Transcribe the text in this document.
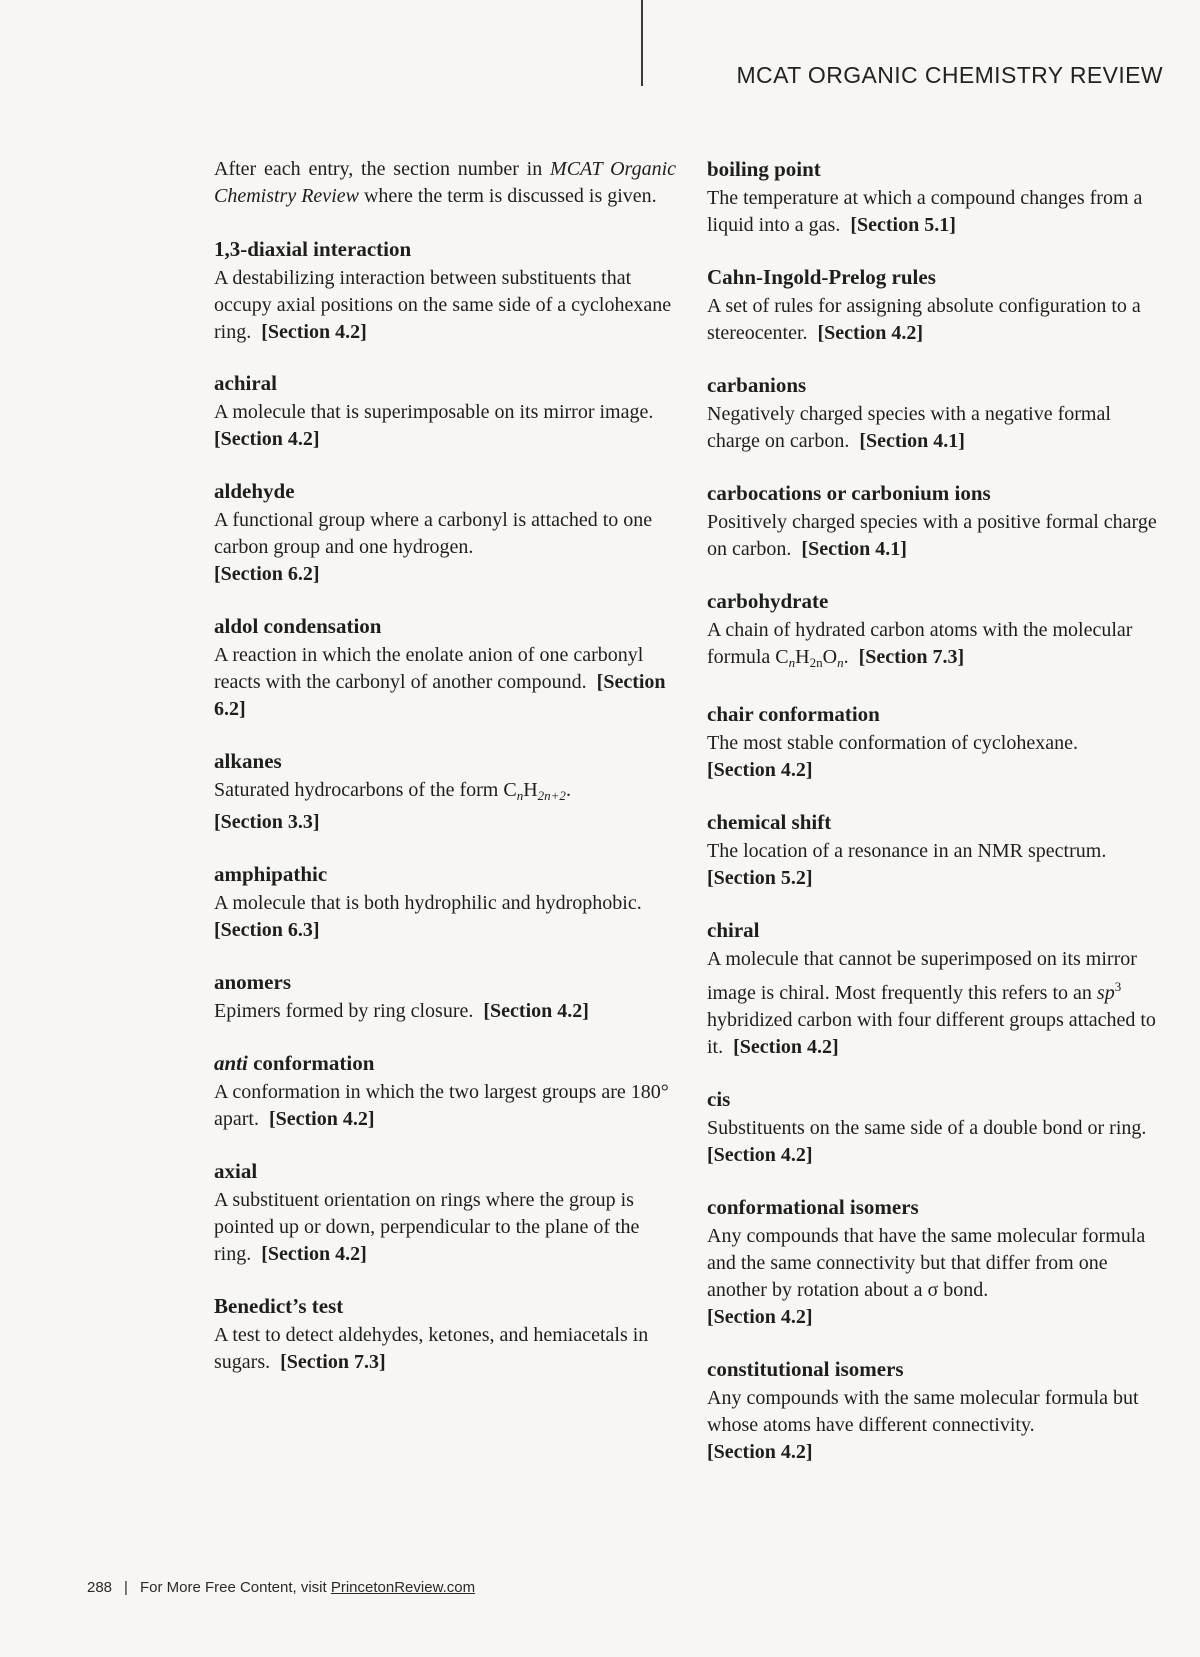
MCAT ORGANIC CHEMISTRY REVIEW

After each entry, the section number in MCAT Organic Chemistry Review where the term is discussed is given.

1,3-diaxial interaction

A destabilizing interaction between substituents that occupy axial positions on the same side of a cyclohexane ring. [Section 4.2]

achiral

A molecule that is superimposable on its mirror image.  [Section 4.2]

aldehyde

A functional group where a carbonyl is attached to one carbon group and one hydrogen.
[Section 6.2]

aldol condensation

A reaction in which the enolate anion of one carbonyl reacts with the carbonyl of another compound. [Section 6.2]

alkanes

Saturated hydrocarbons of the form $C_nH_{2n+2}$.
[Section 3.3]

amphipathic

A molecule that is both hydrophilic and hydrophobic.  [Section 6.3]

anomers

Epimers formed by ring closure. [Section 4.2]

anti conformation

A conformation in which the two largest groups are 180° apart. [Section 4.2]

axial

A substituent orientation on rings where the group is pointed up or down, perpendicular to the plane of the ring. [Section 4.2]

Benedict’s test

A test to detect aldehydes, ketones, and hemiacetals in sugars. [Section 7.3]

boiling point

The temperature at which a compound changes from a liquid into a gas. [Section 5.1]

Cahn-Ingold-Prelog rules

A set of rules for assigning absolute configuration to a stereocenter. [Section 4.2]

carbanions

Negatively charged species with a negative formal charge on carbon. [Section 4.1]

carbocations or carbonium ions

Positively charged species with a positive formal charge on carbon. [Section 4.1]

carbohydrate

A chain of hydrated carbon atoms with the molecular formula $C_nH_{2n}O_n$. [Section 7.3]

chair conformation

The most stable conformation of cyclohexane.
[Section 4.2]

chemical shift

The location of a resonance in an NMR spectrum.
[Section 5.2]

chiral

A molecule that cannot be superimposed on its mirror image is chiral. Most frequently this refers to an $sp^3$ hybridized carbon with four different groups attached to it. [Section 4.2]

cis

Substituents on the same side of a double bond or ring.  [Section 4.2]

conformational isomers

Any compounds that have the same molecular formula and the same connectivity but that differ from one another by rotation about a σ bond.
[Section 4.2]

constitutional isomers

Any compounds with the same molecular formula but whose atoms have different connectivity.
[Section 4.2]

288 | For More Free Content, visit PrincetonReview.com
